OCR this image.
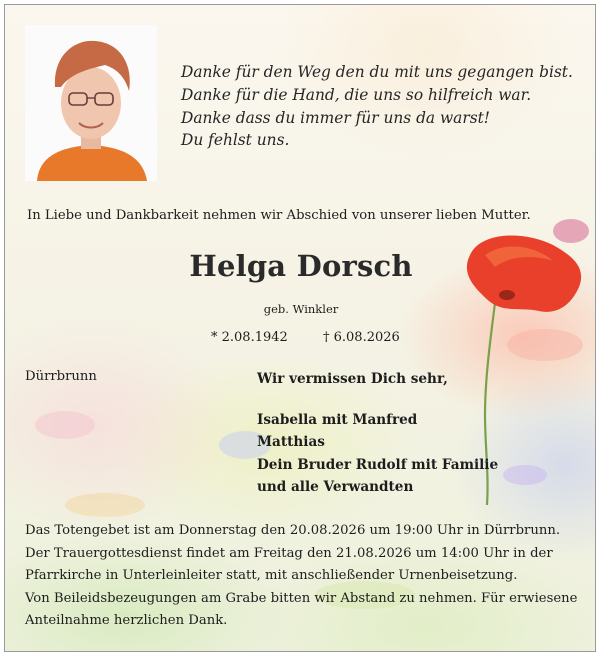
Danke für den Weg den du mit uns gegangen bist.
Danke für die Hand, die uns so hilfreich war.
Danke dass du immer für uns da warst!
Du fehlst uns.
In Liebe und Dankbarkeit nehmen wir Abschied von unserer lieben Mutter.
Helga Dorsch
geb. Winkler
* 2.08.1942	† 6.08.2026
Dürrbrunn	Wir vermissen Dich sehr,
Isabella mit Manfred
Matthias
Dein Bruder Rudolf mit Familie
und alle Verwandten
Das Totengebet ist am Donnerstag den 20.08.2026 um 19:00 Uhr in Dürrbrunn.
Der Trauergottesdienst findet am Freitag den 21.08.2026 um 14:00 Uhr in der
Pfarrkirche in Unterleinleiter statt, mit anschließender Urnenbeisetzung.
Von Beileidsbezeugungen am Grabe bitten wir Abstand zu nehmen. Für erwiesene
Anteilnahme herzlichen Dank.
